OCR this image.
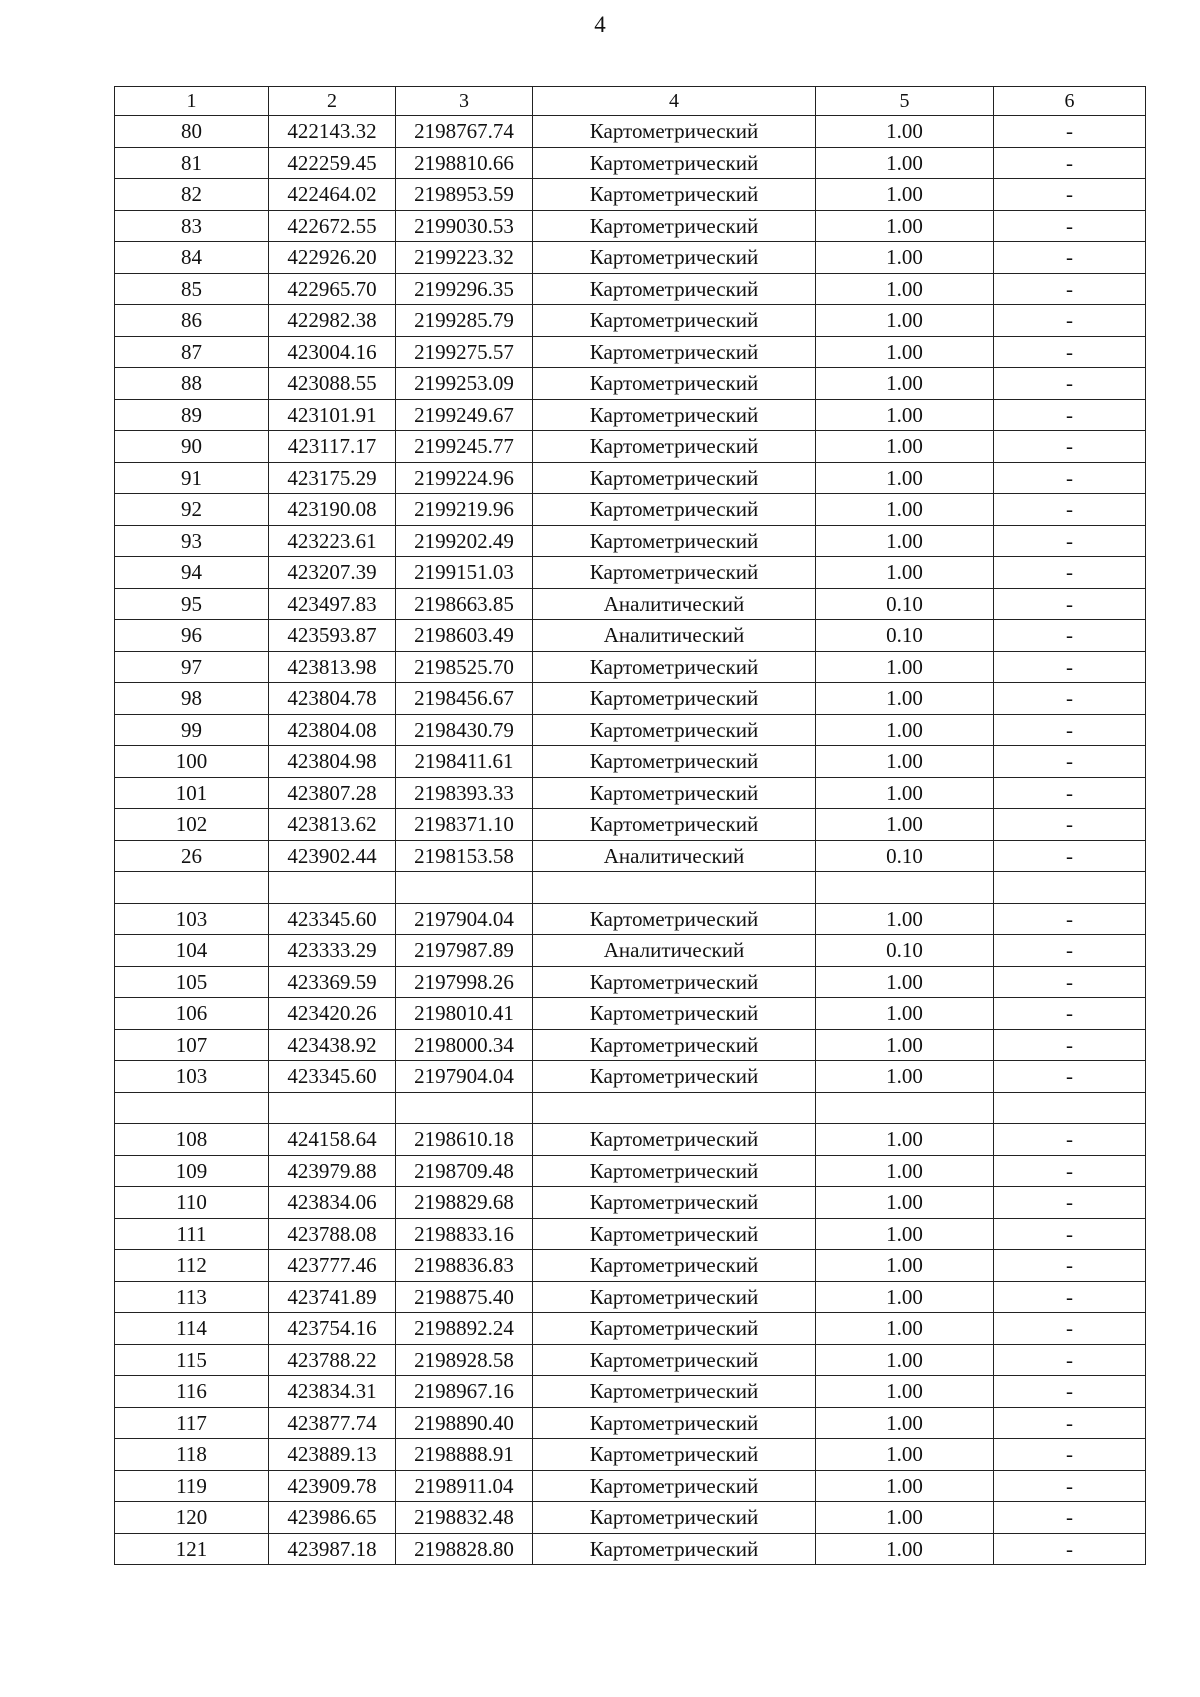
4
1	2	3	4	5	6
80	422143.32	2198767.74	Картометрический	1.00	-
81	422259.45	2198810.66	Картометрический	1.00	-
82	422464.02	2198953.59	Картометрический	1.00	-
83	422672.55	2199030.53	Картометрический	1.00	-
84	422926.20	2199223.32	Картометрический	1.00	-
85	422965.70	2199296.35	Картометрический	1.00	-
86	422982.38	2199285.79	Картометрический	1.00	-
87	423004.16	2199275.57	Картометрический	1.00	-
88	423088.55	2199253.09	Картометрический	1.00	-
89	423101.91	2199249.67	Картометрический	1.00	-
90	423117.17	2199245.77	Картометрический	1.00	-
91	423175.29	2199224.96	Картометрический	1.00	-
92	423190.08	2199219.96	Картометрический	1.00	-
93	423223.61	2199202.49	Картометрический	1.00	-
94	423207.39	2199151.03	Картометрический	1.00	-
95	423497.83	2198663.85	Аналитический	0.10	-
96	423593.87	2198603.49	Аналитический	0.10	-
97	423813.98	2198525.70	Картометрический	1.00	-
98	423804.78	2198456.67	Картометрический	1.00	-
99	423804.08	2198430.79	Картометрический	1.00	-
100	423804.98	2198411.61	Картометрический	1.00	-
101	423807.28	2198393.33	Картометрический	1.00	-
102	423813.62	2198371.10	Картометрический	1.00	-
26	423902.44	2198153.58	Аналитический	0.10	-

103	423345.60	2197904.04	Картометрический	1.00	-
104	423333.29	2197987.89	Аналитический	0.10	-
105	423369.59	2197998.26	Картометрический	1.00	-
106	423420.26	2198010.41	Картометрический	1.00	-
107	423438.92	2198000.34	Картометрический	1.00	-
103	423345.60	2197904.04	Картометрический	1.00	-

108	424158.64	2198610.18	Картометрический	1.00	-
109	423979.88	2198709.48	Картометрический	1.00	-
110	423834.06	2198829.68	Картометрический	1.00	-
111	423788.08	2198833.16	Картометрический	1.00	-
112	423777.46	2198836.83	Картометрический	1.00	-
113	423741.89	2198875.40	Картометрический	1.00	-
114	423754.16	2198892.24	Картометрический	1.00	-
115	423788.22	2198928.58	Картометрический	1.00	-
116	423834.31	2198967.16	Картометрический	1.00	-
117	423877.74	2198890.40	Картометрический	1.00	-
118	423889.13	2198888.91	Картометрический	1.00	-
119	423909.78	2198911.04	Картометрический	1.00	-
120	423986.65	2198832.48	Картометрический	1.00	-
121	423987.18	2198828.80	Картометрический	1.00	-
